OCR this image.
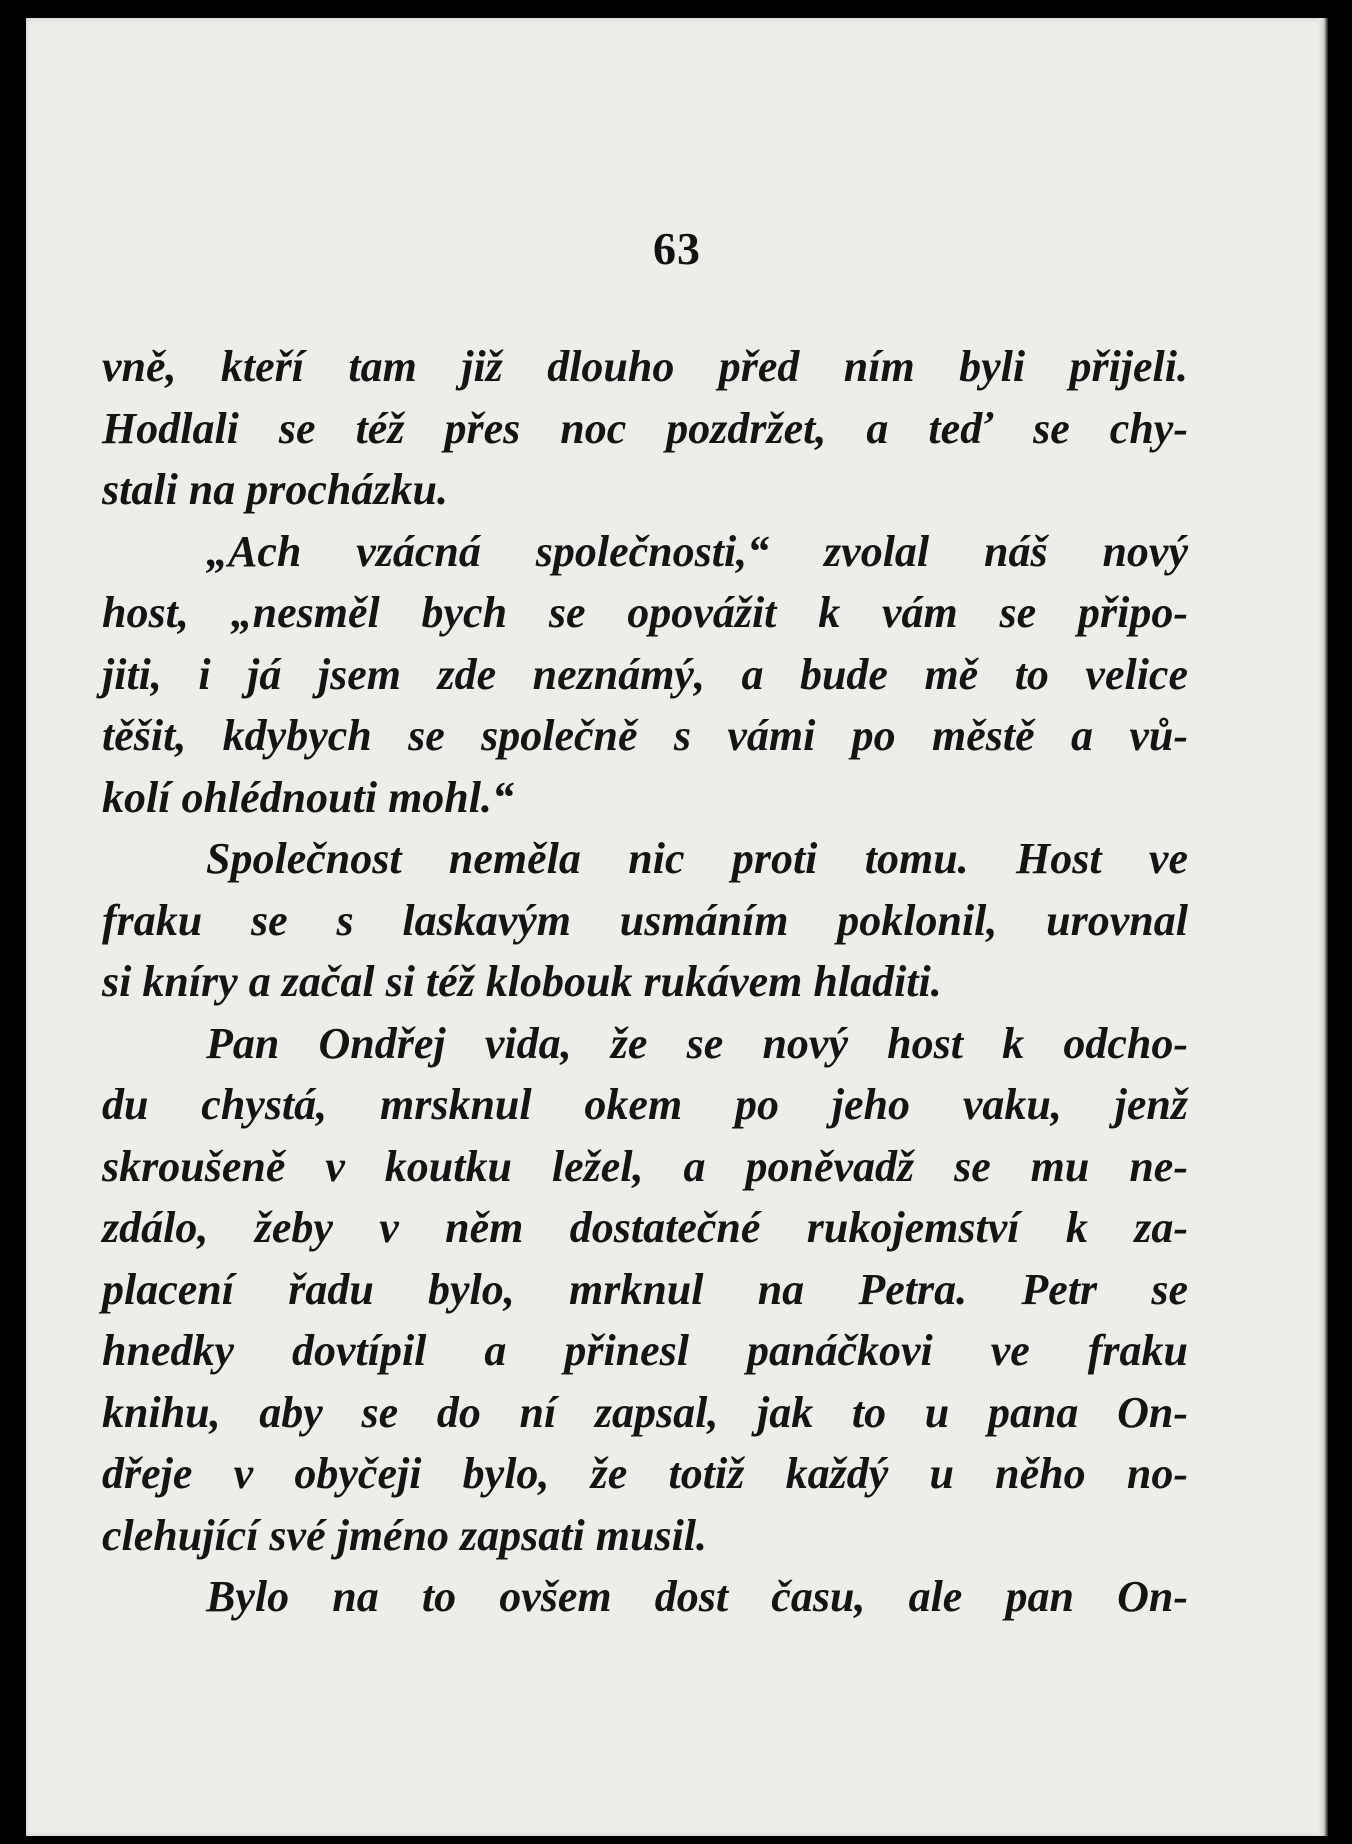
63
vně, kteří tam již dlouho před ním byli přijeli.
Hodlali se též přes noc pozdržet, a teď se chy-
stali na procházku.
„Ach vzácná společnosti,“ zvolal náš nový
host, „nesměl bych se opovážit k vám se připo-
jiti, i já jsem zde neznámý, a bude mě to velice
těšit, kdybych se společně s vámi po městě a vů-
kolí ohlédnouti mohl.“
Společnost neměla nic proti tomu. Host ve
fraku se s laskavým usmáním poklonil, urovnal
si kníry a začal si též klobouk rukávem hladiti.
Pan Ondřej vida, že se nový host k odcho-
du chystá, mrsknul okem po jeho vaku, jenž
skroušeně v koutku ležel, a poněvadž se mu ne-
zdálo, žeby v něm dostatečné rukojemství k za-
placení řadu bylo, mrknul na Petra. Petr se
hnedky dovtípil a přinesl panáčkovi ve fraku
knihu, aby se do ní zapsal, jak to u pana On-
dřeje v obyčeji bylo, že totiž každý u něho no-
clehující své jméno zapsati musil.
Bylo na to ovšem dost času, ale pan On-
